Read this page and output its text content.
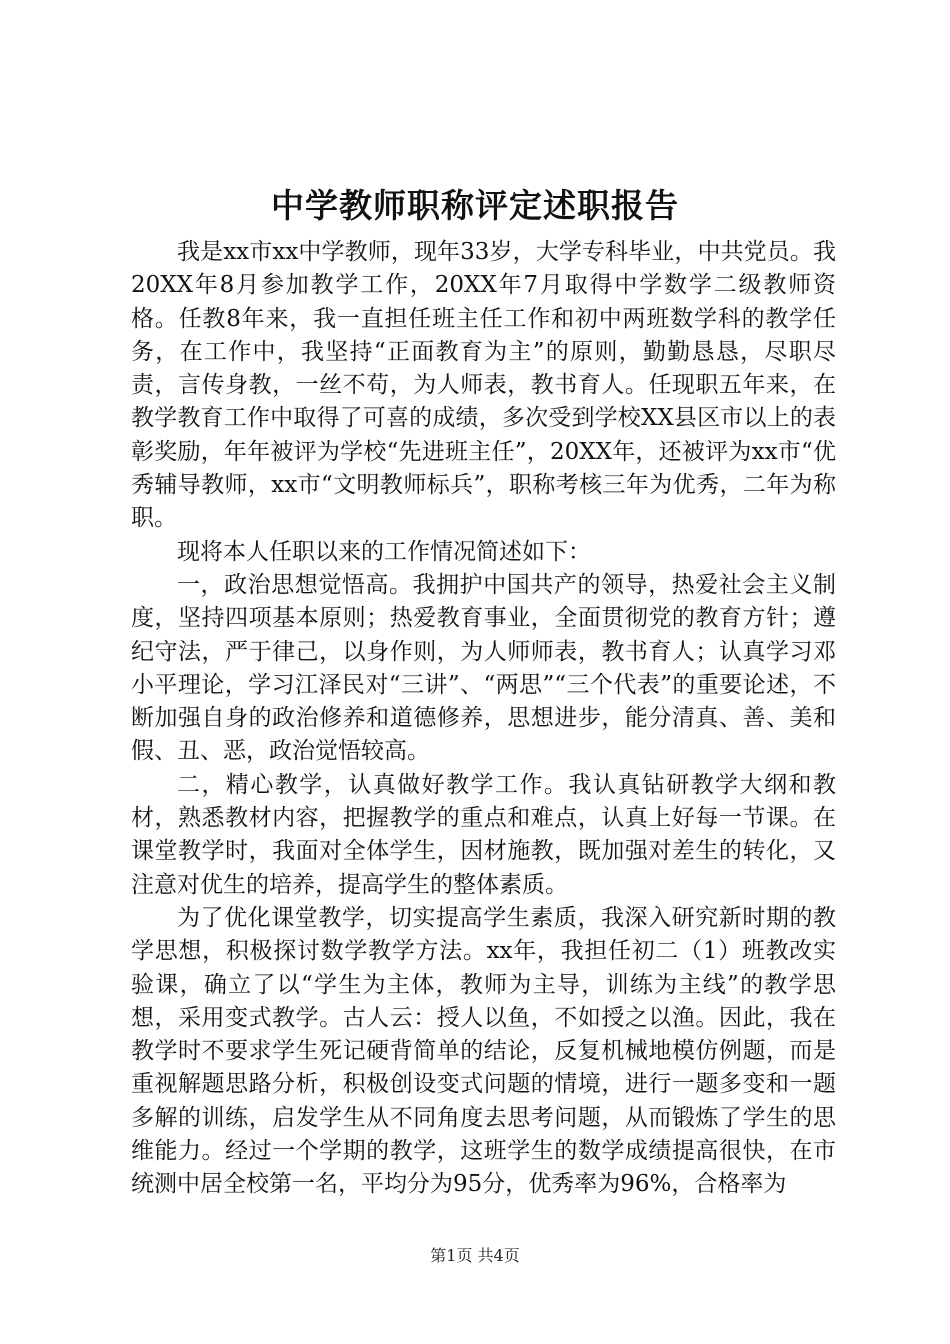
中学教师职称评定述职报告

我是xx市xx中学教师，现年33岁，大学专科毕业，中共党员。我20XX年8月参加教学工作，20XX年7月取得中学数学二级教师资格。任教8年来，我一直担任班主任工作和初中两班数学科的教学任务，在工作中，我坚持“正面教育为主”的原则，勤勤恳恳，尽职尽责，言传身教，一丝不苟，为人师表，教书育人。任现职五年来，在教学教育工作中取得了可喜的成绩，多次受到学校XX县区市以上的表彰奖励，年年被评为学校“先进班主任”，20XX年，还被评为xx市“优秀辅导教师，xx市“文明教师标兵”，职称考核三年为优秀，二年为称职。

现将本人任职以来的工作情况简述如下：

一，政治思想觉悟高。我拥护中国共产的领导，热爱社会主义制度，坚持四项基本原则；热爱教育事业，全面贯彻党的教育方针；遵纪守法，严于律己，以身作则，为人师师表，教书育人；认真学习邓小平理论，学习江泽民对“三讲”、“两思”“三个代表”的重要论述，不断加强自身的政治修养和道德修养，思想进步，能分清真、善、美和假、丑、恶，政治觉悟较高。

二，精心教学，认真做好教学工作。我认真钻研教学大纲和教材，熟悉教材内容，把握教学的重点和难点，认真上好每一节课。在课堂教学时，我面对全体学生，因材施教，既加强对差生的转化，又注意对优生的培养，提高学生的整体素质。

为了优化课堂教学，切实提高学生素质，我深入研究新时期的教学思想，积极探讨数学教学方法。xx年，我担任初二（1）班教改实验课，确立了以“学生为主体，教师为主导，训练为主线”的教学思想，采用变式教学。古人云：授人以鱼，不如授之以渔。因此，我在教学时不要求学生死记硬背简单的结论，反复机械地模仿例题，而是重视解题思路分析，积极创设变式问题的情境，进行一题多变和一题多解的训练，启发学生从不同角度去思考问题，从而锻炼了学生的思维能力。经过一个学期的教学，这班学生的数学成绩提高很快，在市统测中居全校第一名，平均分为95分，优秀率为96%，合格率为

第1页 共4页
